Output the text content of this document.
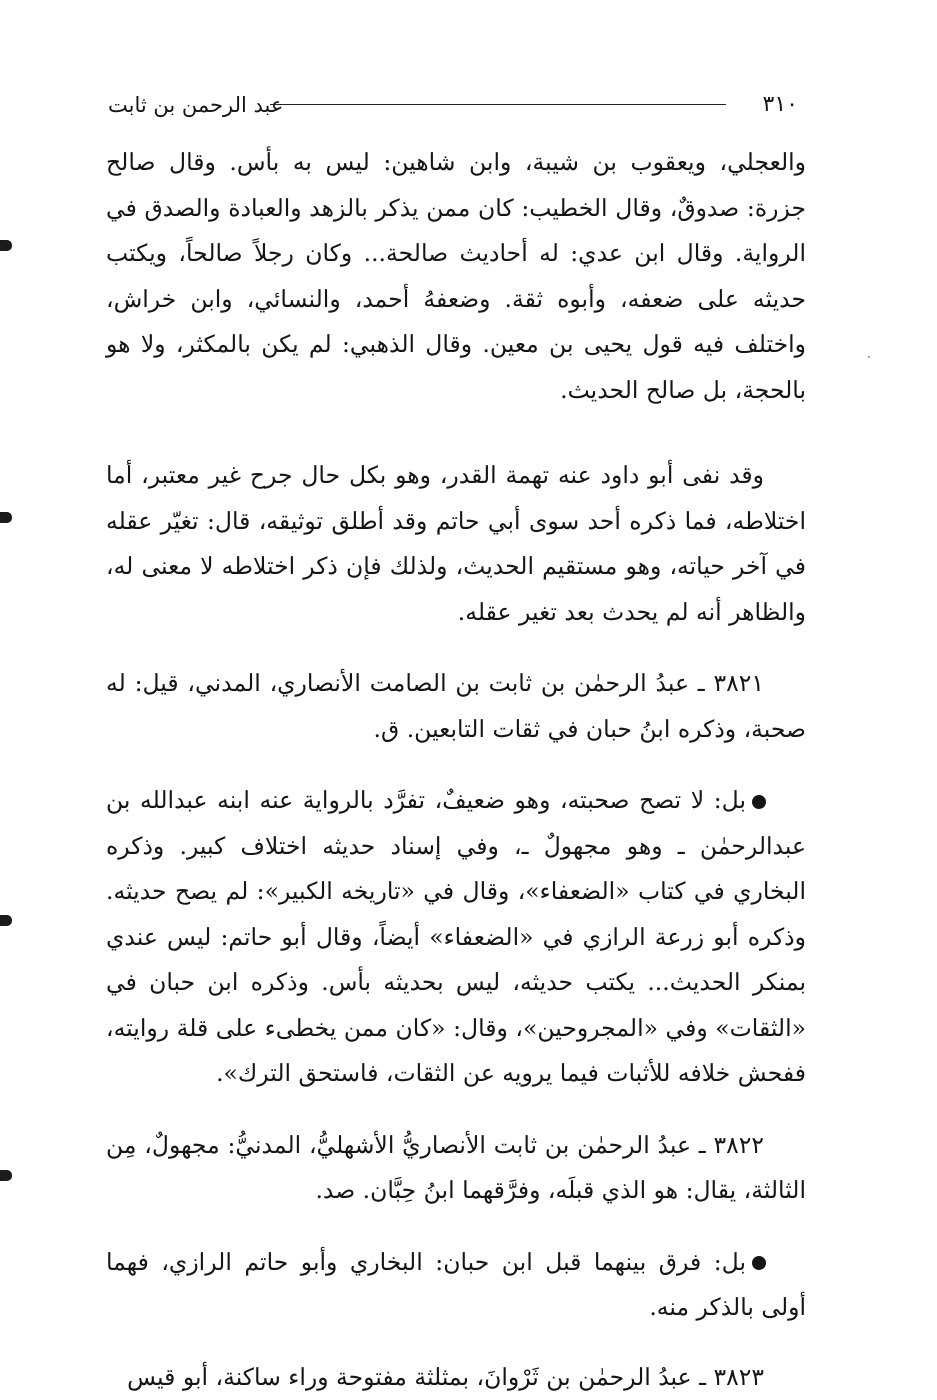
عبد الرحمن بن ثابت	٣١٠

والعجلي، ويعقوب بن شيبة، وابن شاهين: ليس به بأس. وقال صالح جزرة: صدوقٌ، وقال الخطيب: كان ممن يذكر بالزهد والعبادة والصدق في الرواية. وقال ابن عدي: له أحاديث صالحة... وكان رجلاً صالحاً، ويكتب حديثه على ضعفه، وأبوه ثقة. وضعفهُ أحمد، والنسائي، وابن خراش، واختلف فيه قول يحيى بن معين. وقال الذهبي: لم يكن بالمكثر، ولا هو بالحجة، بل صالح الحديث.

وقد نفى أبو داود عنه تهمة القدر، وهو بكل حال جرح غير معتبر، أما اختلاطه، فما ذكره أحد سوى أبي حاتم وقد أطلق توثيقه، قال: تغيّر عقله في آخر حياته، وهو مستقيم الحديث، ولذلك فإن ذكر اختلاطه لا معنى له، والظاهر أنه لم يحدث بعد تغير عقله.

٣٨٢١ ـ عبدُ الرحمٰن بن ثابت بن الصامت الأنصاري، المدني، قيل: له صحبة، وذكره ابنُ حبان في ثقات التابعين. ق.

بل: لا تصح صحبته، وهو ضعيفٌ، تفرَّد بالرواية عنه ابنه عبدالله بن عبدالرحمٰن ـ وهو مجهولٌ ـ، وفي إسناد حديثه اختلاف كبير. وذكره البخاري في كتاب «الضعفاء»، وقال في «تاريخه الكبير»: لم يصح حديثه. وذكره أبو زرعة الرازي في «الضعفاء» أيضاً، وقال أبو حاتم: ليس عندي بمنكر الحديث... يكتب حديثه، ليس بحديثه بأس. وذكره ابن حبان في «الثقات» وفي «المجروحين»، وقال: «كان ممن يخطىء على قلة روايته، ففحش خلافه للأثبات فيما يرويه عن الثقات، فاستحق الترك».

٣٨٢٢ ـ عبدُ الرحمٰن بن ثابت الأنصاريُّ الأشهليُّ، المدنيُّ: مجهولٌ، مِن الثالثة، يقال: هو الذي قبلَه، وفرَّقهما ابنُ حِبَّان. صد.

بل: فرق بينهما قبل ابن حبان: البخاري وأبو حاتم الرازي، فهما أولى بالذكر منه.

٣٨٢٣ ـ عبدُ الرحمٰن بن ثَرْوانَ، بمثلثة مفتوحة وراء ساكنة، أبو قيس
